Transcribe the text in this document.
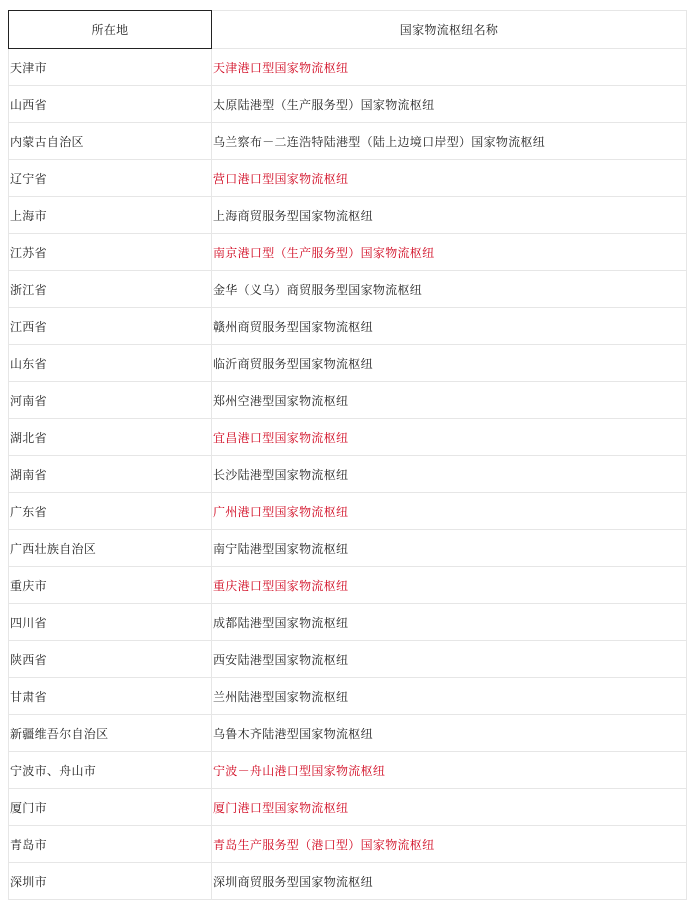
所在地	国家物流枢纽名称
天津市	天津港口型国家物流枢纽
山西省	太原陆港型（生产服务型）国家物流枢纽
内蒙古自治区	乌兰察布－二连浩特陆港型（陆上边境口岸型）国家物流枢纽
辽宁省	营口港口型国家物流枢纽
上海市	上海商贸服务型国家物流枢纽
江苏省	南京港口型（生产服务型）国家物流枢纽
浙江省	金华（义乌）商贸服务型国家物流枢纽
江西省	赣州商贸服务型国家物流枢纽
山东省	临沂商贸服务型国家物流枢纽
河南省	郑州空港型国家物流枢纽
湖北省	宜昌港口型国家物流枢纽
湖南省	长沙陆港型国家物流枢纽
广东省	广州港口型国家物流枢纽
广西壮族自治区	南宁陆港型国家物流枢纽
重庆市	重庆港口型国家物流枢纽
四川省	成都陆港型国家物流枢纽
陕西省	西安陆港型国家物流枢纽
甘肃省	兰州陆港型国家物流枢纽
新疆维吾尔自治区	乌鲁木齐陆港型国家物流枢纽
宁波市、舟山市	宁波－舟山港口型国家物流枢纽
厦门市	厦门港口型国家物流枢纽
青岛市	青岛生产服务型（港口型）国家物流枢纽
深圳市	深圳商贸服务型国家物流枢纽
